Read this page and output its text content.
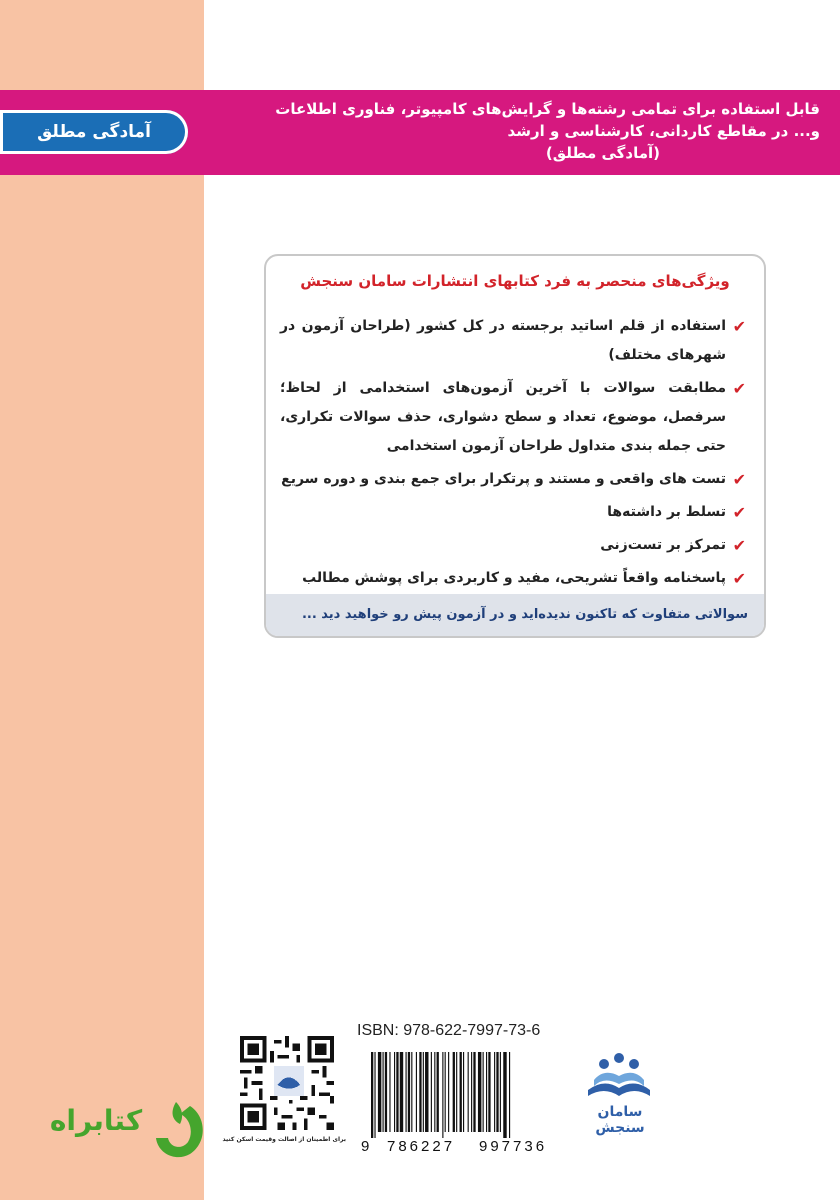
قابل استفاده برای تمامی رشته‌ها و گرایش‌های کامپیوتر، فناوری اطلاعات
و... در مقاطع کاردانی، کارشناسی و ارشد
(آمادگی مطلق)
آمادگی مطلق
ویژگی‌های منحصر به فرد کتابهای انتشارات سامان سنجش
✔
استفاده از قلم اساتید برجسته در کل کشور (طراحان آزمون در شهرهای مختلف)
✔
مطابقت سوالات با آخرین آزمون‌های استخدامی از لحاظ؛ سرفصل، موضوع، تعداد و سطح دشواری، حذف سوالات تکراری، حتی جمله بندی متداول طراحان آزمون استخدامی
✔
تست های واقعی و مستند و پرتکرار برای جمع بندی و دوره سریع
✔
تسلط بر داشته‌ها
✔
تمرکز بر تست‌زنی
✔
پاسخنامه واقعاً تشریحی، مفید و کاربردی برای پوشش مطالب
سوالاتی متفاوت که تاکنون ندیده‌اید و در آزمون پیش رو خواهید دید ...
برای اطمینان از اصالت وقیمت اسکن کنید
ISBN: 978-622-7997-73-6
9 786227 997736
سامان سنجش
کتابراه
